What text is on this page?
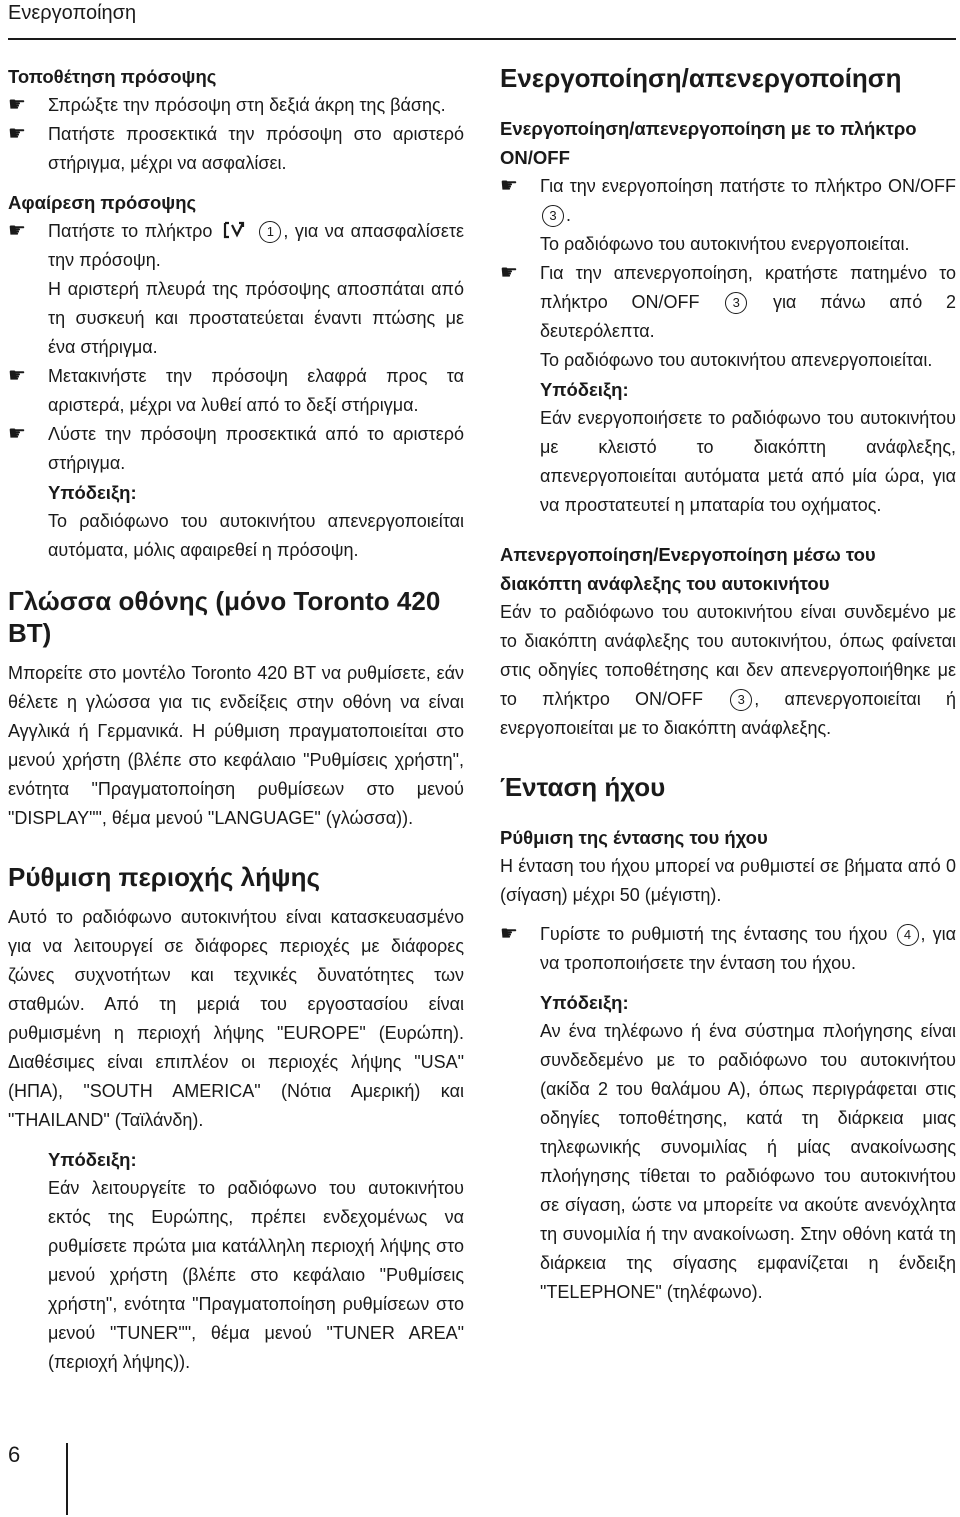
Ενεργοποίηση
Τοποθέτηση πρόσοψης
☛	Σπρώξτε την πρόσοψη στη δεξιά άκρη της βάσης.
☛	Πατήστε προσεκτικά την πρόσοψη στο αριστερό στήριγμα, μέχρι να ασφαλίσει.
Αφαίρεση πρόσοψης
☛	Πατήστε το πλήκτρο	1 , για να απασφαλίσετε την πρόσοψη.

Η αριστερή πλευρά της πρόσοψης αποσπάται από τη συσκευή και προστατεύεται έναντι πτώσης με ένα στήριγμα.

☛	Μετακινήστε την πρόσοψη ελαφρά προς τα αριστερά, μέχρι να λυθεί από το δεξί στήριγμα.
☛	Λύστε την πρόσοψη προσεκτικά από το αριστερό στήριγμα.
Υπόδειξη:

Το ραδιόφωνο του αυτοκινήτου απενεργοποιείται αυτόματα, μόλις αφαιρεθεί η πρόσοψη.

Γλώσσα οθόνης (μόνο Toronto 420 BT)

Μπορείτε στο μοντέλο Toronto 420 BT να ρυθμίσετε, εάν θέλετε η γλώσσα για τις ενδείξεις στην οθόνη να είναι Αγγλικά ή Γερμανικά. Η ρύθμιση πραγματοποιείται στο μενού χρήστη (βλέπε στο κεφάλαιο "Ρυθμίσεις χρήστη", ενότητα "Πραγματοποίηση ρυθμίσεων στο μενού "DISPLAY"", θέμα μενού "LANGUAGE" (γλώσσα)).

Ρύθμιση περιοχής λήψης

Αυτό το ραδιόφωνο αυτοκινήτου είναι κατασκευασμένο για να λειτουργεί σε διάφορες περιοχές με διάφορες ζώνες συχνοτήτων και τεχνικές δυνατότητες των σταθμών. Από τη μεριά του εργοστασίου είναι ρυθμισμένη η περιοχή λήψης "EUROPE" (Ευρώπη). Διαθέσιμες είναι επιπλέον οι περιοχές λήψης "USA" (ΗΠΑ), "SOUTH AMERICA" (Νότια Αμερική) και "THAILAND" (Ταϊλάνδη).

Υπόδειξη:

Εάν λειτουργείτε το ραδιόφωνο του αυτοκινήτου εκτός της Ευρώπης, πρέπει ενδεχομένως να ρυθμίσετε πρώτα μια κατάλληλη περιοχή λήψης στο μενού χρήστη (βλέπε στο κεφάλαιο "Ρυθμίσεις χρήστη", ενότητα "Πραγματοποίηση ρυθμίσεων στο μενού "TUNER"", θέμα μενού "TUNER AREA" (περιοχή λήψης)).

Ενεργοποίηση/απενεργοποίηση
Ενεργοποίηση/απενεργοποίηση με το πλήκτρο ON/OFF
☛	Για την ενεργοποίηση πατήστε το πλήκτρο ON/OFF 3 .

Το ραδιόφωνο του αυτοκινήτου ενεργοποιείται.

☛	Για την απενεργοποίηση, κρατήστε πατημένο το πλήκτρο ON/OFF	3 για πάνω από 2 δευτερόλεπτα.

Το ραδιόφωνο του αυτοκινήτου απενεργοποιείται.

Υπόδειξη:

Εάν ενεργοποιήσετε το ραδιόφωνο του αυτοκινήτου με κλειστό το διακόπτη ανάφλεξης, απενεργοποιείται αυτόματα μετά από μία ώρα, για να προστατευτεί η μπαταρία του οχήματος.

Απενεργοποίηση/Ενεργοποίηση μέσω του διακόπτη ανάφλεξης του αυτοκινήτου

Εάν το ραδιόφωνο του αυτοκινήτου είναι συνδεμένο με το διακόπτη ανάφλεξης του αυτοκινήτου, όπως φαίνεται στις οδηγίες τοποθέτησης και δεν απενεργοποιήθηκε με το πλήκτρο ON/OFF	3 , απενεργοποιείται ή ενεργοποιείται με το διακόπτη ανάφλεξης.

Ένταση ήχου
Ρύθμιση της έντασης του ήχου

Η ένταση του ήχου μπορεί να ρυθμιστεί σε βήματα από 0 (σίγαση) μέχρι 50 (μέγιστη).

☛	Γυρίστε το ρυθμιστή της έντασης του ήχου 4 , για να τροποποιήσετε την ένταση του ήχου.
Υπόδειξη:

Αν ένα τηλέφωνο ή ένα σύστημα πλοήγησης είναι συνδεδεμένο με το ραδιόφωνο του αυτοκινήτου (ακίδα 2 του θαλάμου Α), όπως περιγράφεται στις οδηγίες τοποθέτησης, κατά τη διάρκεια μιας τηλεφωνικής συνομιλίας ή μίας ανακοίνωσης πλοήγησης τίθεται το ραδιόφωνο του αυτοκινήτου σε σίγαση, ώστε να μπορείτε να ακούτε ανενόχλητα τη συνομιλία ή την ανακοίνωση. Στην οθόνη κατά τη διάρκεια της σίγασης εμφανίζεται η ένδειξη "TELEPHONE" (τηλέφωνο).

6
